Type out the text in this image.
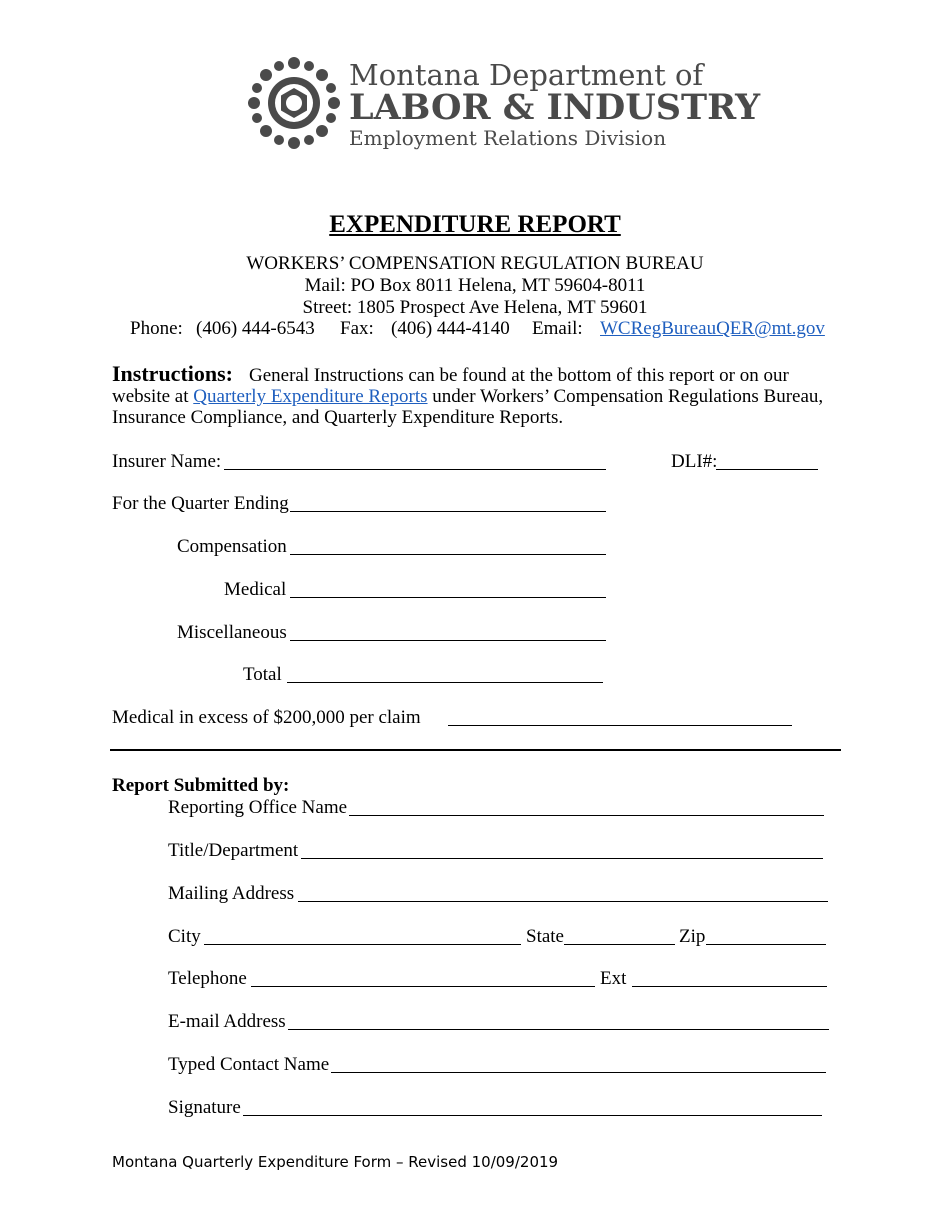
Montana Department of
LABOR & INDUSTRY
Employment Relations Division
EXPENDITURE REPORT
WORKERS’ COMPENSATION REGULATION BUREAU
Mail: PO Box 8011 Helena, MT 59604-8011
Street: 1805 Prospect Ave Helena, MT 59601
Phone: (406) 444-6543 Fax: (406) 444-4140 Email: WCRegBureauQER@mt.gov
Instructions: General Instructions can be found at the bottom of this report or on our
website at Quarterly Expenditure Reports under Workers’ Compensation Regulations Bureau,
Insurance Compliance, and Quarterly Expenditure Reports.
Insurer Name:	DLI#:
For the Quarter Ending
Compensation
Medical
Miscellaneous
Total
Medical in excess of $200,000 per claim
Report Submitted by:
Reporting Office Name
Title/Department
Mailing Address
City	State	Zip
Telephone	Ext
E-mail Address
Typed Contact Name
Signature
Montana Quarterly Expenditure Form – Revised 10/09/2019
